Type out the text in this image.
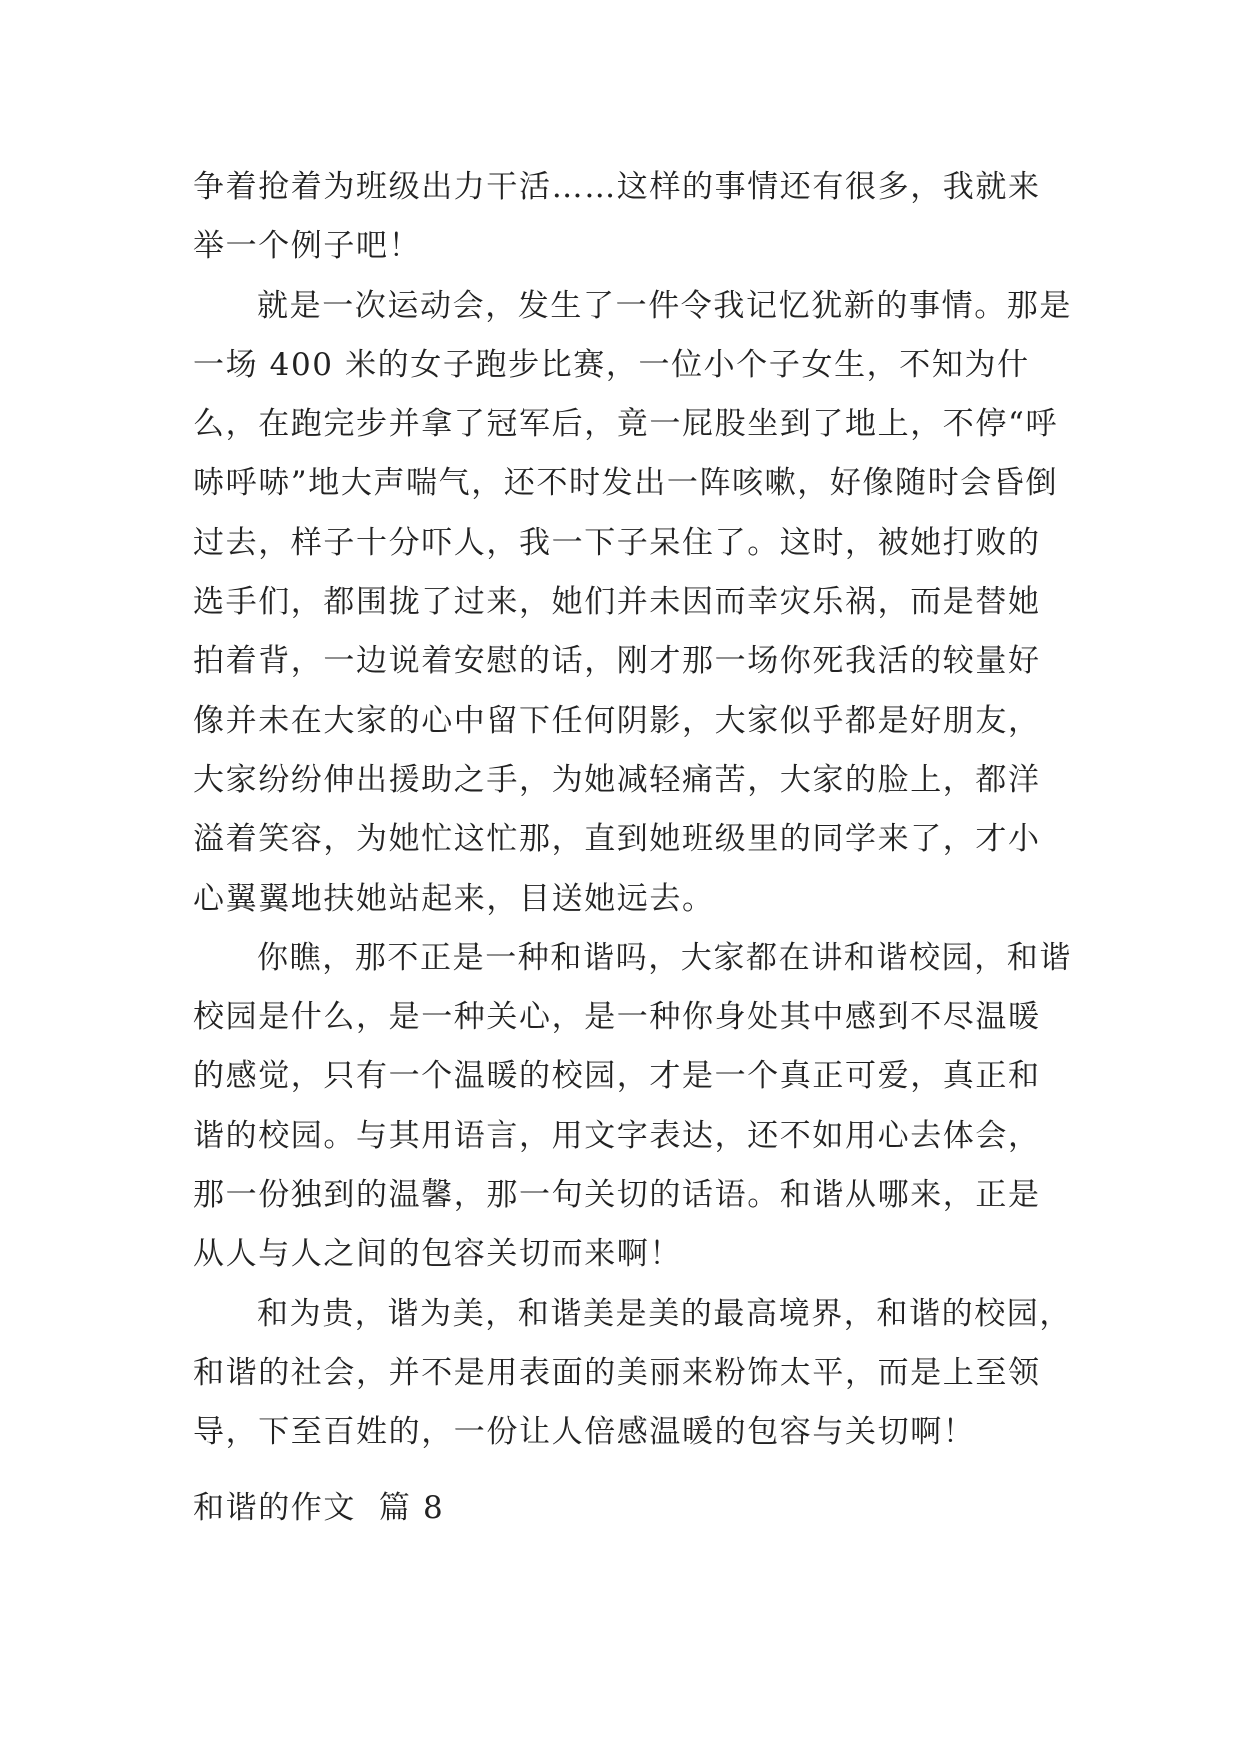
争着抢着为班级出力干活……这样的事情还有很多，我就来举一个例子吧！

就是一次运动会，发生了一件令我记忆犹新的事情。那是一场 400 米的女子跑步比赛，一位小个子女生，不知为什么，在跑完步并拿了冠军后，竟一屁股坐到了地上，不停“呼哧呼哧”地大声喘气，还不时发出一阵咳嗽，好像随时会昏倒过去，样子十分吓人，我一下子呆住了。这时，被她打败的选手们，都围拢了过来，她们并未因而幸灾乐祸，而是替她拍着背，一边说着安慰的话，刚才那一场你死我活的较量好像并未在大家的心中留下任何阴影，大家似乎都是好朋友，大家纷纷伸出援助之手，为她减轻痛苦，大家的脸上，都洋溢着笑容，为她忙这忙那，直到她班级里的同学来了，才小心翼翼地扶她站起来，目送她远去。

你瞧，那不正是一种和谐吗，大家都在讲和谐校园，和谐校园是什么，是一种关心，是一种你身处其中感到不尽温暖的感觉，只有一个温暖的校园，才是一个真正可爱，真正和谐的校园。与其用语言，用文字表达，还不如用心去体会，那一份独到的温馨，那一句关切的话语。和谐从哪来，正是从人与人之间的包容关切而来啊！

和为贵，谐为美，和谐美是美的最高境界，和谐的校园，和谐的社会，并不是用表面的美丽来粉饰太平，而是上至领导，下至百姓的，一份让人倍感温暖的包容与关切啊！

和谐的作文  篇 8
